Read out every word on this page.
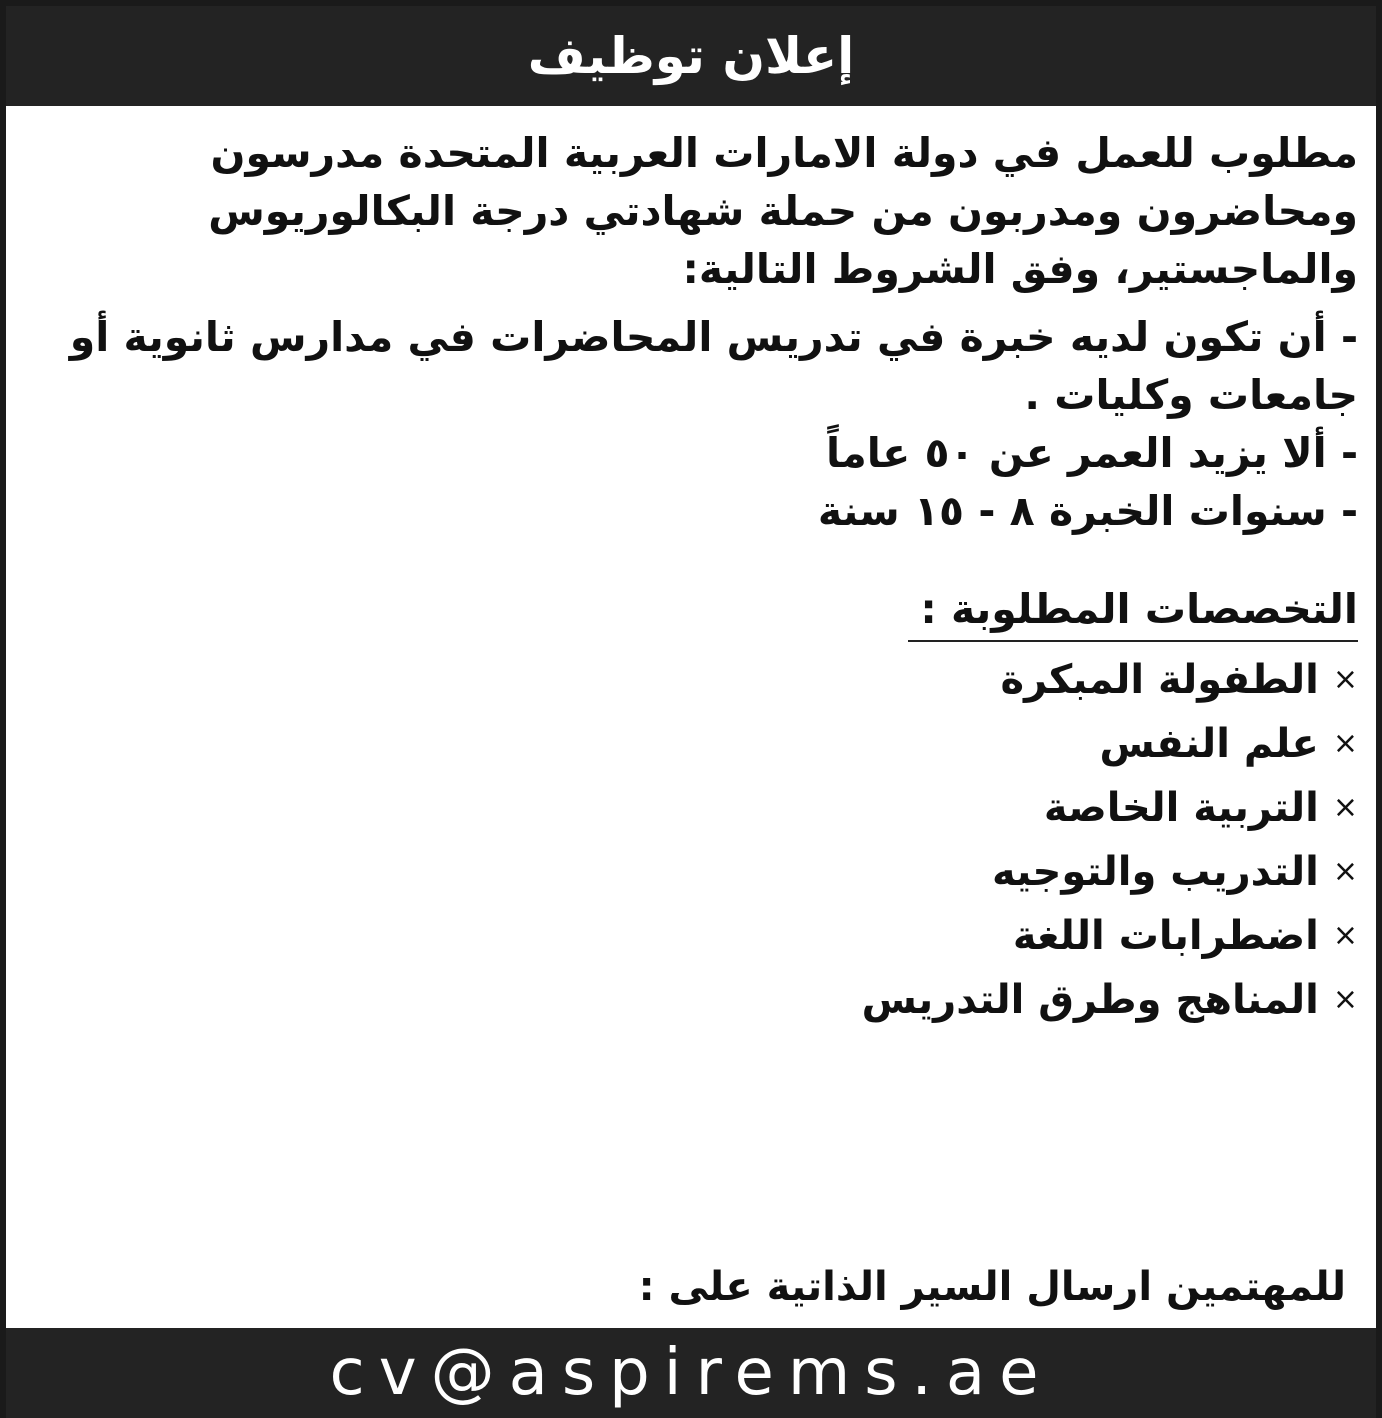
إعلان توظيف
مطلوب للعمل في دولة الامارات العربية المتحدة مدرسون
ومحاضرون ومدربون من حملة شهادتي درجة البكالوريوس
والماجستير، وفق الشروط التالية:
- أن تكون لديه خبرة في تدريس المحاضرات في مدارس ثانوية أو
جامعات وكليات .
- ألا يزيد العمر عن ٥٠ عاماً
- سنوات الخبرة ٨ - ١٥ سنة
التخصصات المطلوبة :
×
الطفولة المبكرة
×
علم النفس
×
التربية الخاصة
×
التدريب والتوجيه
×
اضطرابات اللغة
×
المناهج وطرق التدريس
للمهتمين ارسال السير الذاتية على :
cv@aspirems.ae
